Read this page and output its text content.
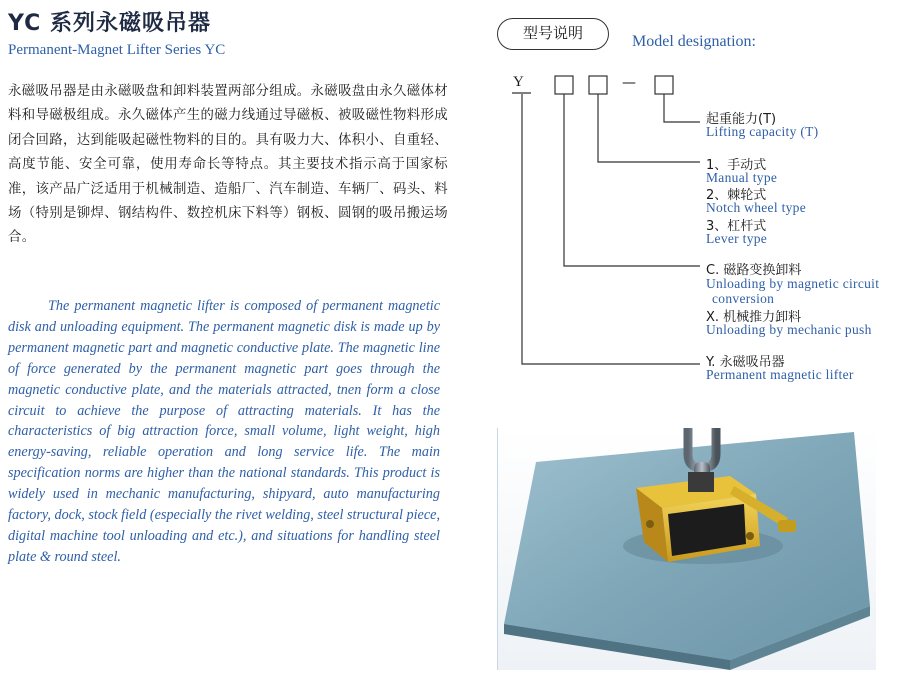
YC 系列永磁吸吊器

Permanent-Magnet Lifter Series YC

永磁吸吊器是由永磁吸盘和卸料装置两部分组成。永磁吸盘由永久磁体材料和导磁极组成。永久磁体产生的磁力线通过导磁板、被吸磁性物料形成闭合回路，达到能吸起磁性物料的目的。具有吸力大、体积小、自重轻、高度节能、安全可靠，使用寿命长等特点。其主要技术指示高于国家标准，该产品广泛适用于机械制造、造船厂、汽车制造、车辆厂、码头、料场（特别是铆焊、钢结构件、数控机床下料等）钢板、圆钢的吸吊搬运场合。

The permanent magnetic lifter is composed of permanent magnetic disk and unloading equipment. The permanent magnetic disk is made up by permanent magnetic part and magnetic conductive plate. The magnetic line of force generated by the permanent magnetic part goes through the magnetic conductive plate, and the materials attracted, tnen form a close circuit to achieve the purpose of attracting materials. It has the characteristics of big attraction force, small volume, light weight, high energy-saving, reliable operation and long service life. The main specification norms are higher than the national standards. This product is widely used in mechanic manufacturing, shipyard, auto manufacturing factory, dock, stock field (especially the rivet welding, steel structural piece, digital machine tool unloading and etc.), and situations for handling steel plate & round steel.

型号说明	Model designation:
Y	—
起重能力(T)
Lifting capacity (T)
1、手动式
Manual type
2、棘轮式
Notch wheel type
3、杠杆式
Lever type
C. 磁路变换卸料
Unloading by magnetic circuit
conversion
X. 机械推力卸料
Unloading by mechanic push
Y. 永磁吸吊器
Permanent magnetic lifter
